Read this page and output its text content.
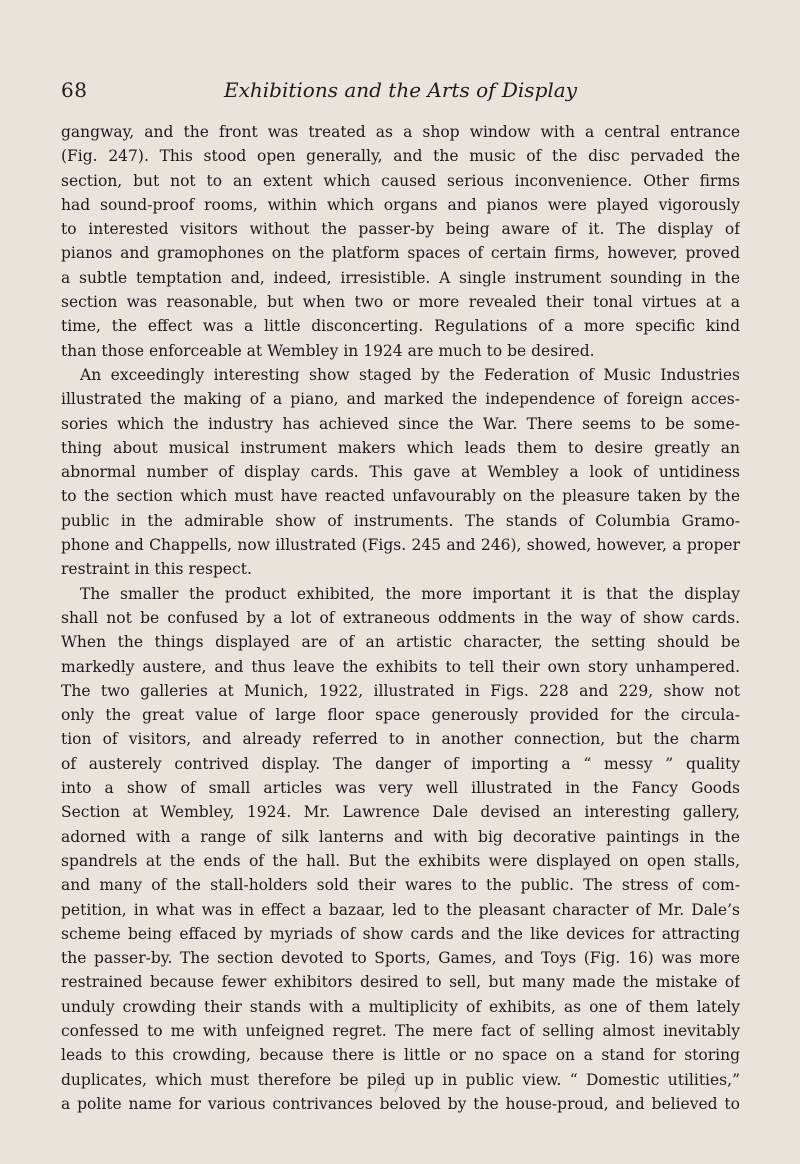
68	Exhibitions and the Arts of Display
gangway, and the front was treated as a shop window with a central entrance
(Fig. 247). This stood open generally, and the music of the disc pervaded the
section, but not to an extent which caused serious inconvenience. Other firms
had sound-proof rooms, within which organs and pianos were played vigorously
to interested visitors without the passer-by being aware of it. The display of
pianos and gramophones on the platform spaces of certain firms, however, proved
a subtle temptation and, indeed, irresistible. A single instrument sounding in the
section was reasonable, but when two or more revealed their tonal virtues at a
time, the effect was a little disconcerting. Regulations of a more specific kind
than those enforceable at Wembley in 1924 are much to be desired.
An exceedingly interesting show staged by the Federation of Music Industries
illustrated the making of a piano, and marked the independence of foreign acces-
sories which the industry has achieved since the War. There seems to be some-
thing about musical instrument makers which leads them to desire greatly an
abnormal number of display cards. This gave at Wembley a look of untidiness
to the section which must have reacted unfavourably on the pleasure taken by the
public in the admirable show of instruments. The stands of Columbia Gramo-
phone and Chappells, now illustrated (Figs. 245 and 246), showed, however, a proper
restraint in this respect.
The smaller the product exhibited, the more important it is that the display
shall not be confused by a lot of extraneous oddments in the way of show cards.
When the things displayed are of an artistic character, the setting should be
markedly austere, and thus leave the exhibits to tell their own story unhampered.
The two galleries at Munich, 1922, illustrated in Figs. 228 and 229, show not
only the great value of large floor space generously provided for the circula-
tion of visitors, and already referred to in another connection, but the charm
of austerely contrived display. The danger of importing a “ messy ” quality
into a show of small articles was very well illustrated in the Fancy Goods
Section at Wembley, 1924. Mr. Lawrence Dale devised an interesting gallery,
adorned with a range of silk lanterns and with big decorative paintings in the
spandrels at the ends of the hall. But the exhibits were displayed on open stalls,
and many of the stall-holders sold their wares to the public. The stress of com-
petition, in what was in effect a bazaar, led to the pleasant character of Mr. Dale’s
scheme being effaced by myriads of show cards and the like devices for attracting
the passer-by. The section devoted to Sports, Games, and Toys (Fig. 16) was more
restrained because fewer exhibitors desired to sell, but many made the mistake of
unduly crowding their stands with a multiplicity of exhibits, as one of them lately
confessed to me with unfeigned regret. The mere fact of selling almost inevitably
leads to this crowding, because there is little or no space on a stand for storing
duplicates, which must therefore be piled up in public view. “ Domestic utilities,”
a polite name for various contrivances beloved by the house-proud, and believed to
